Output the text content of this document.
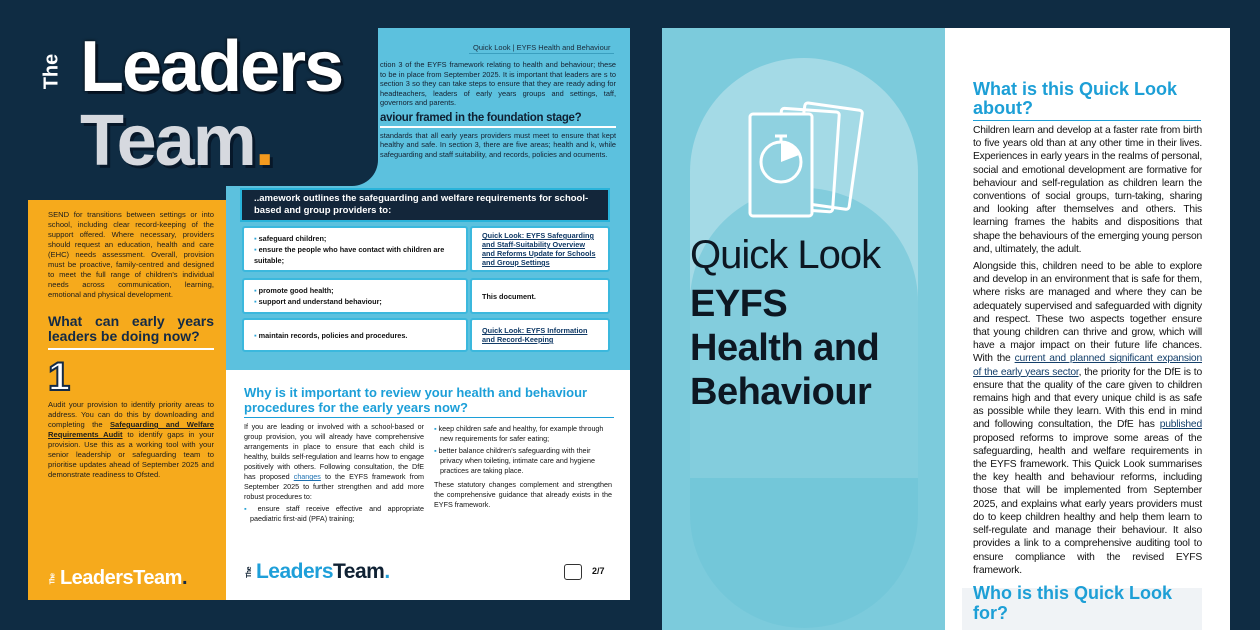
SEND for transitions between settings or into school, including clear record-keeping of the support offered. Where necessary, providers should request an education, health and care (EHC) needs assessment. Overall, provision must be proactive, family-centred and designed to meet the full range of children's individual needs across communication, learning, emotional and physical development.

What can early years leaders be doing now?
1

Audit your provision to identify priority areas to address. You can do this by downloading and completing the Safeguarding and Welfare Requirements Audit to identify gaps in your provision. Use this as a working tool with your senior leadership or safeguarding team to prioritise updates ahead of September 2025 and demonstrate readiness to Ofsted.

The LeadersTeam.
Quick Look | EYFS Health and Behaviour

ction 3 of the EYFS framework relating to health and behaviour; these to be in place from September 2025. It is important that leaders are s to section 3 so they can take steps to ensure that they are ready ading for headteachers, leaders of early years groups and settings, taff, governors and parents.

aviour framed in the foundation stage?

standards that all early years providers must meet to ensure that kept healthy and safe. In section 3, there are five areas; health and k, while safeguarding and staff suitability, and records, policies and ocuments.

..amework outlines the safeguarding and welfare requirements for school-based and group providers to:
▪ safeguard children;
▪ ensure the people who have contact with children are suitable;
Quick Look: EYFS Safeguarding and Staff-Suitability Overview and Reforms Update for Schools and Group Settings
▪ promote good health;
▪ support and understand behaviour;
This document.
▪ maintain records, policies and procedures.	Quick Look: EYFS Information and Record-Keeping
Why is it important to review your health and behaviour procedures for the early years now?

If you are leading or involved with a school-based or group provision, you will already have comprehensive arrangements in place to ensure that each child is healthy, builds self-regulation and learns how to engage positively with others. Following consultation, the DfE has proposed changes to the EYFS framework from September 2025 to further strengthen and add more robust procedures to:

▪ ensure staff receive effective and appropriate paediatric first-aid (PFA) training;
▪ keep children safe and healthy, for example through new requirements for safer eating;
▪ better balance children's safeguarding with their privacy when toileting, intimate care and hygiene practices are taking place.

These statutory changes complement and strengthen the comprehensive guidance that already exists in the EYFS framework.

The LeadersTeam.	2/7
The Leaders
Team.
Quick Look
EYFS Health and Behaviour
What is this Quick Look about?

Children learn and develop at a faster rate from birth to five years old than at any other time in their lives. Experiences in early years in the realms of personal, social and emotional development are formative for behaviour and self-regulation as children learn the conventions of social groups, turn-taking, sharing and looking after themselves and others. This learning frames the habits and dispositions that shape the behaviours of the emerging young person and, ultimately, the adult.

Alongside this, children need to be able to explore and develop in an environment that is safe for them, where risks are managed and where they can be adequately supervised and safeguarded with dignity and respect. These two aspects together ensure that young children can thrive and grow, which will have a major impact on their future life chances. With the current and planned significant expansion of the early years sector, the priority for the DfE is to ensure that the quality of the care given to children remains high and that every unique child is as safe as possible while they learn. With this end in mind and following consultation, the DfE has published proposed reforms to improve some areas of the safeguarding, health and welfare requirements in the EYFS framework. This Quick Look summarises the key health and behaviour reforms, including those that will be implemented from September 2025, and explains what early years providers must do to keep children healthy and help them learn to self-regulate and manage their behaviour. It also provides a link to a comprehensive auditing tool to ensure compliance with the revised EYFS framework.

Who is this Quick Look for?
